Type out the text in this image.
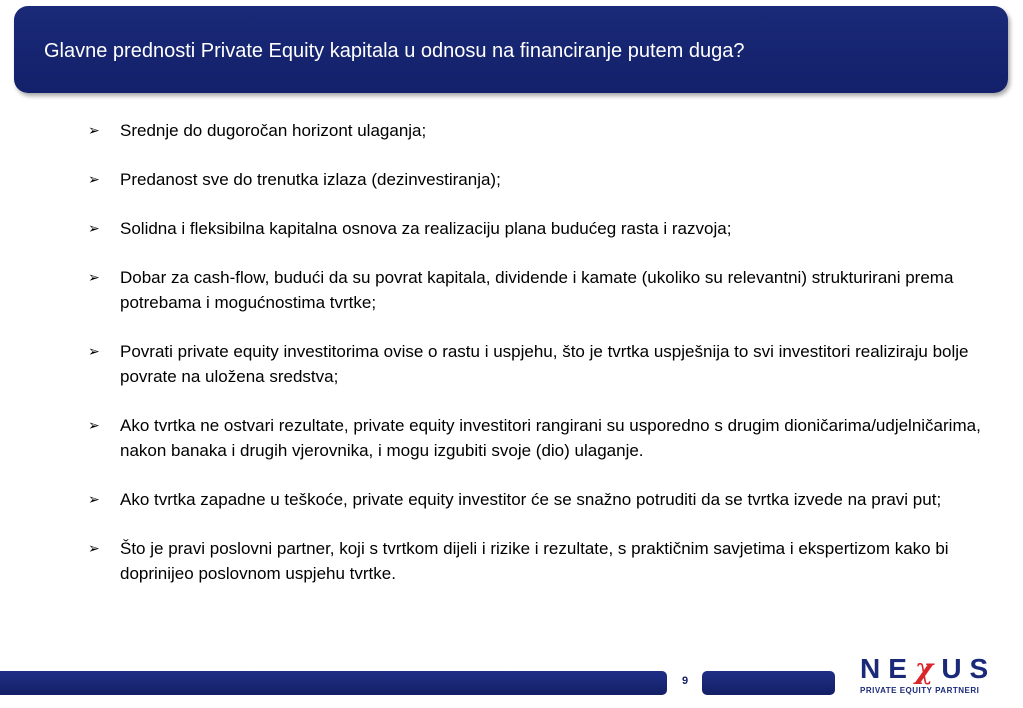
Glavne prednosti Private Equity kapitala u odnosu na financiranje putem duga?
➢ Srednje do dugoročan horizont ulaganja;
➢ Predanost sve do trenutka izlaza (dezinvestiranja);
➢ Solidna i fleksibilna kapitalna osnova za realizaciju plana budućeg rasta i razvoja;
➢ Dobar za cash-flow, budući da su povrat kapitala, dividende i kamate (ukoliko su relevantni) strukturirani prema potrebama i mogućnostima tvrtke;
➢ Povrati private equity investitorima ovise o rastu i uspjehu, što je tvrtka uspješnija to svi investitori realiziraju bolje povrate na uložena sredstva;
➢ Ako tvrtka ne ostvari rezultate, private equity investitori rangirani su usporedno s drugim dioničarima/udjelničarima, nakon banaka i drugih vjerovnika, i mogu izgubiti svoje (dio) ulaganje.
➢ Ako tvrtka zapadne u teškoće, private equity investitor će se snažno potruditi da se tvrtka izvede na pravi put;
➢ Što je pravi poslovni partner, koji s tvrtkom dijeli i rizike i rezultate, s praktičnim savjetima i ekspertizom kako bi doprinijeo poslovnom uspjehu tvrtke.
9	NEχUS
PRIVATE EQUITY PARTNERI
